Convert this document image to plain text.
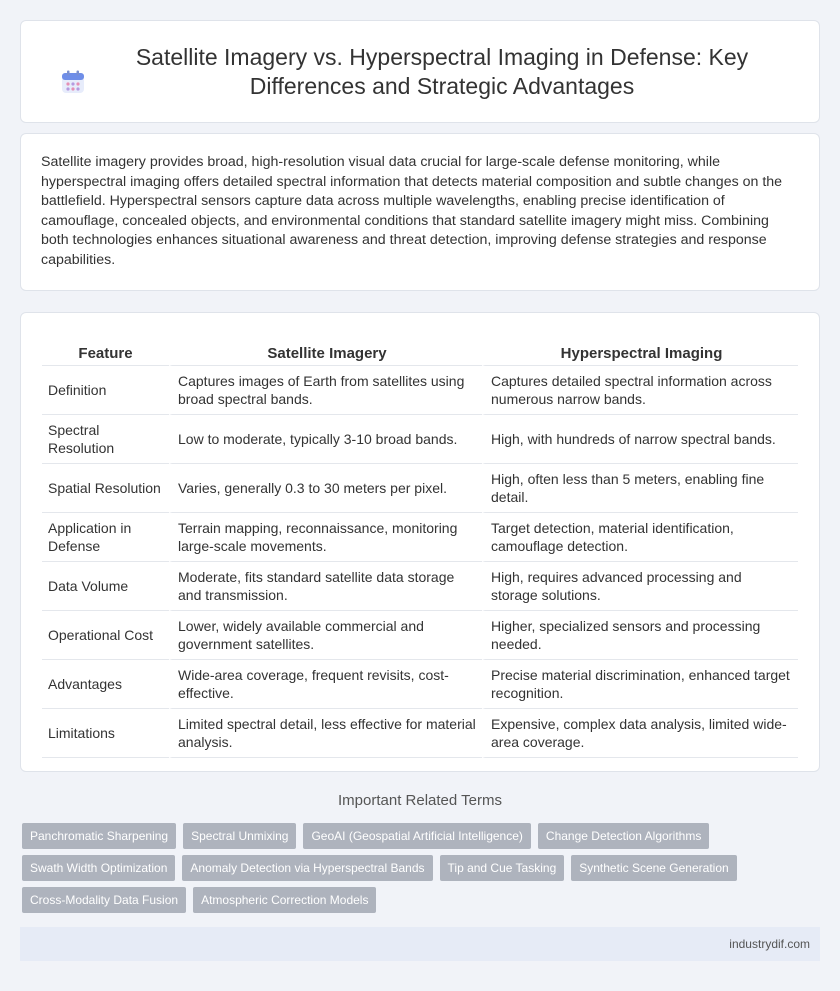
Satellite Imagery vs. Hyperspectral Imaging in Defense: Key Differences and Strategic Advantages

Satellite imagery provides broad, high-resolution visual data crucial for large-scale defense monitoring, while hyperspectral imaging offers detailed spectral information that detects material composition and subtle changes on the battlefield. Hyperspectral sensors capture data across multiple wavelengths, enabling precise identification of camouflage, concealed objects, and environmental conditions that standard satellite imagery might miss. Combining both technologies enhances situational awareness and threat detection, improving defense strategies and response capabilities.

Feature	Satellite Imagery	Hyperspectral Imaging
Definition	Captures images of Earth from satellites using broad spectral bands.	Captures detailed spectral information across numerous narrow bands.
Spectral Resolution	Low to moderate, typically 3-10 broad bands.	High, with hundreds of narrow spectral bands.
Spatial Resolution	Varies, generally 0.3 to 30 meters per pixel.	High, often less than 5 meters, enabling fine detail.
Application in Defense	Terrain mapping, reconnaissance, monitoring large-scale movements.	Target detection, material identification, camouflage detection.
Data Volume	Moderate, fits standard satellite data storage and transmission.	High, requires advanced processing and storage solutions.
Operational Cost	Lower, widely available commercial and government satellites.	Higher, specialized sensors and processing needed.
Advantages	Wide-area coverage, frequent revisits, cost-effective.	Precise material discrimination, enhanced target recognition.
Limitations	Limited spectral detail, less effective for material analysis.	Expensive, complex data analysis, limited wide-area coverage.
Important Related Terms
Panchromatic Sharpening	Spectral Unmixing	GeoAI (Geospatial Artificial Intelligence)	Change Detection Algorithms
Swath Width Optimization	Anomaly Detection via Hyperspectral Bands	Tip and Cue Tasking	Synthetic Scene Generation
Cross-Modality Data Fusion	Atmospheric Correction Models
industrydif.com
